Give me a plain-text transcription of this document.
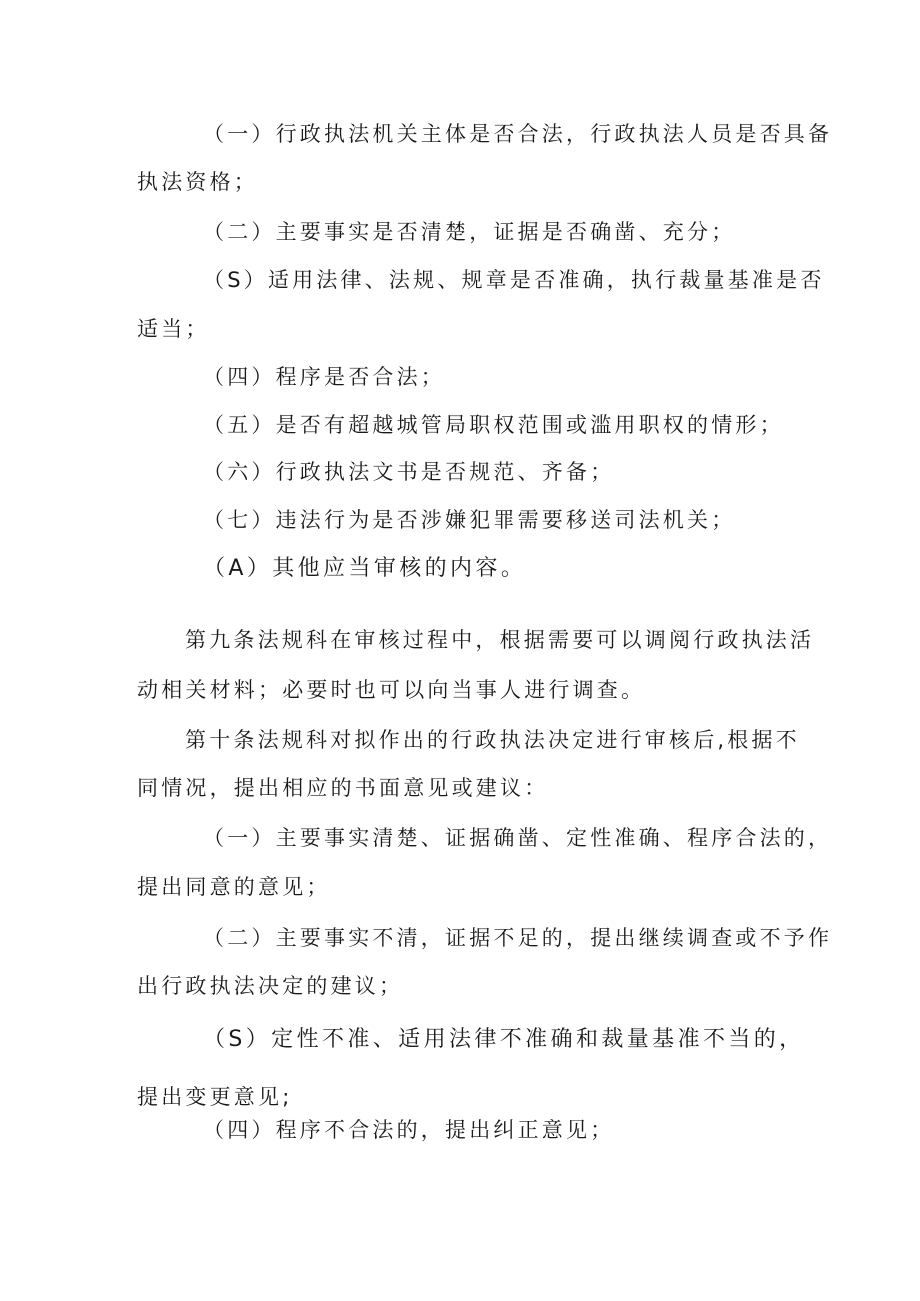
（一）行政执法机关主体是否合法，行政执法人员是否具备
执法资格；
（二）主要事实是否清楚，证据是否确凿、充分；
（S）适用法律、法规、规章是否准确，执行裁量基准是否
适当；
（四）程序是否合法；
（五）是否有超越城管局职权范围或滥用职权的情形；
（六）行政执法文书是否规范、齐备；
（七）违法行为是否涉嫌犯罪需要移送司法机关；
（A）其他应当审核的内容。
第九条法规科在审核过程中，根据需要可以调阅行政执法活
动相关材料；必要时也可以向当事人进行调查。
第十条法规科对拟作出的行政执法决定进行审核后,根据不
同情况，提出相应的书面意见或建议：
（一）主要事实清楚、证据确凿、定性准确、程序合法的，
提出同意的意见；
（二）主要事实不清，证据不足的，提出继续调查或不予作
出行政执法决定的建议；
（S）定性不准、适用法律不准确和裁量基准不当的，
提出变更意见;
（四）程序不合法的，提出纠正意见；
